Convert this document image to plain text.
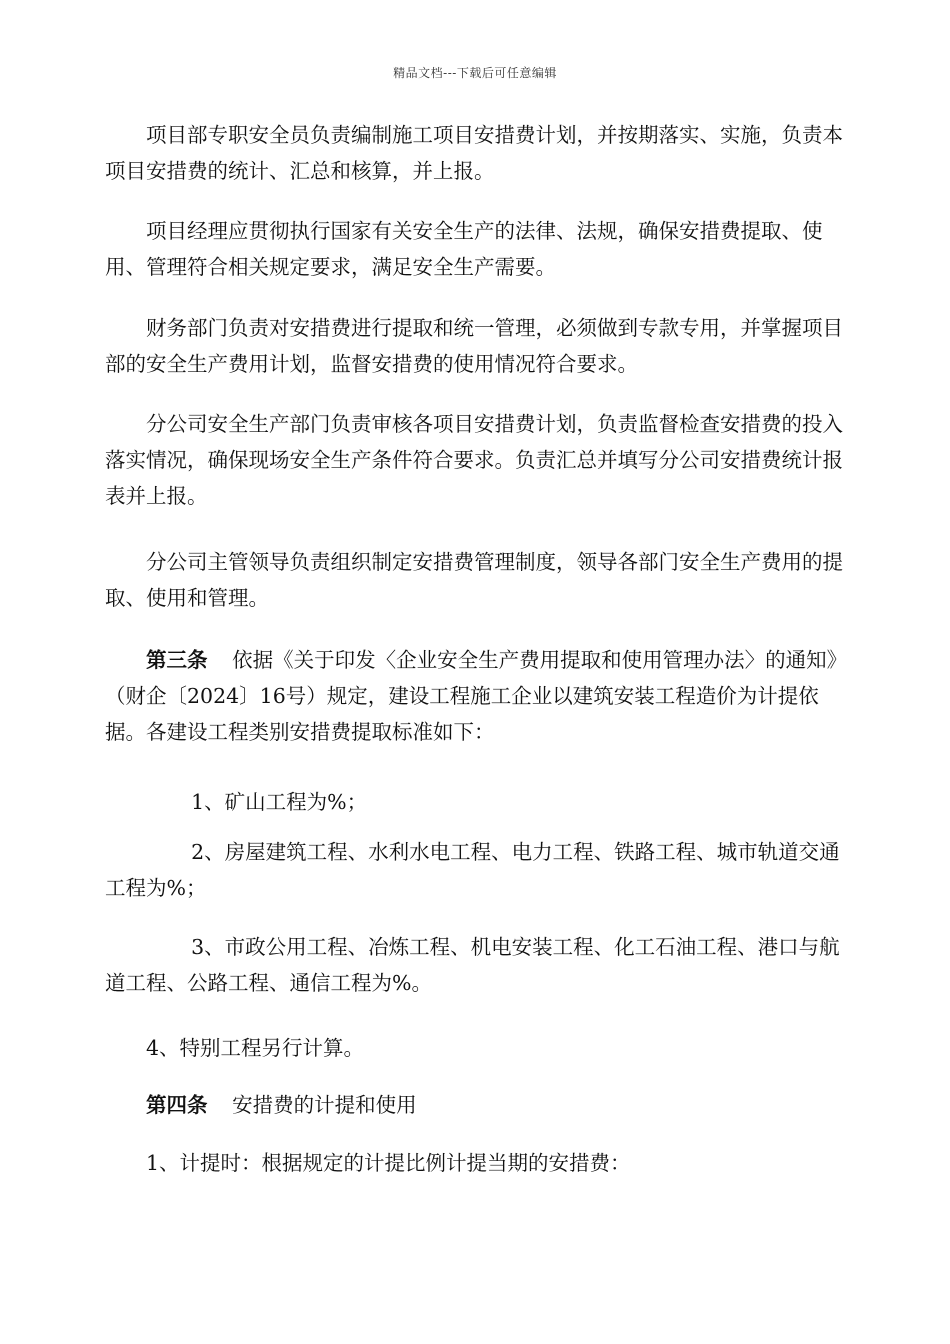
精品文档---下载后可任意编辑

项目部专职安全员负责编制施工项目安措费计划，并按期落实、实施，负责本项目安措费的统计、汇总和核算，并上报。

项目经理应贯彻执行国家有关安全生产的法律、法规，确保安措费提取、使用、管理符合相关规定要求，满足安全生产需要。

财务部门负责对安措费进行提取和统一管理，必须做到专款专用，并掌握项目部的安全生产费用计划，监督安措费的使用情况符合要求。

分公司安全生产部门负责审核各项目安措费计划，负责监督检查安措费的投入落实情况，确保现场安全生产条件符合要求。负责汇总并填写分公司安措费统计报表并上报。

分公司主管领导负责组织制定安措费管理制度，领导各部门安全生产费用的提取、使用和管理。

第三条 依据《关于印发〈企业安全生产费用提取和使用管理办法〉的通知》（财企〔2024〕16号）规定，建设工程施工企业以建筑安装工程造价为计提依据。各建设工程类别安措费提取标准如下：

1、矿山工程为%；

2、房屋建筑工程、水利水电工程、电力工程、铁路工程、城市轨道交通工程为%；

3、市政公用工程、冶炼工程、机电安装工程、化工石油工程、港口与航道工程、公路工程、通信工程为%。

4、特别工程另行计算。

第四条 安措费的计提和使用

1、计提时：根据规定的计提比例计提当期的安措费：
